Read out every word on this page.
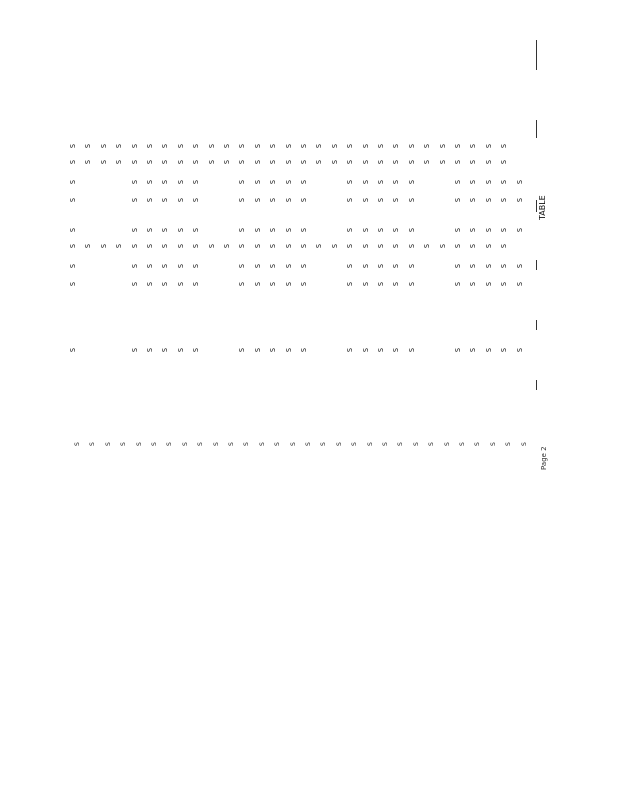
S S S S S S S S S S S S S S S S S S S S S S S S S S S S S
S S S S S S S S S S S S S S S S S S S S S S S S S S S S S
S	S S S S S	S S S S S	S S S S S	S S S S S
S	S S S S S	S S S S S	S S S S S	S S S S S
S	S S S S S	S S S S S	S S S S S	S S S S S
S S S S S S S S S S S S S S S S S S S S S S S S S S S S S
S	S S S S S	S S S S S	S S S S S	S S S S S
S	S S S S S	S S S S S	S S S S S	S S S S S
S	S S S S S	S S S S S	S S S S S	S S S S S
TABLE
Page 2
S S S S S S S S S S S S S S S S S S S S S S S S S S S S S S
